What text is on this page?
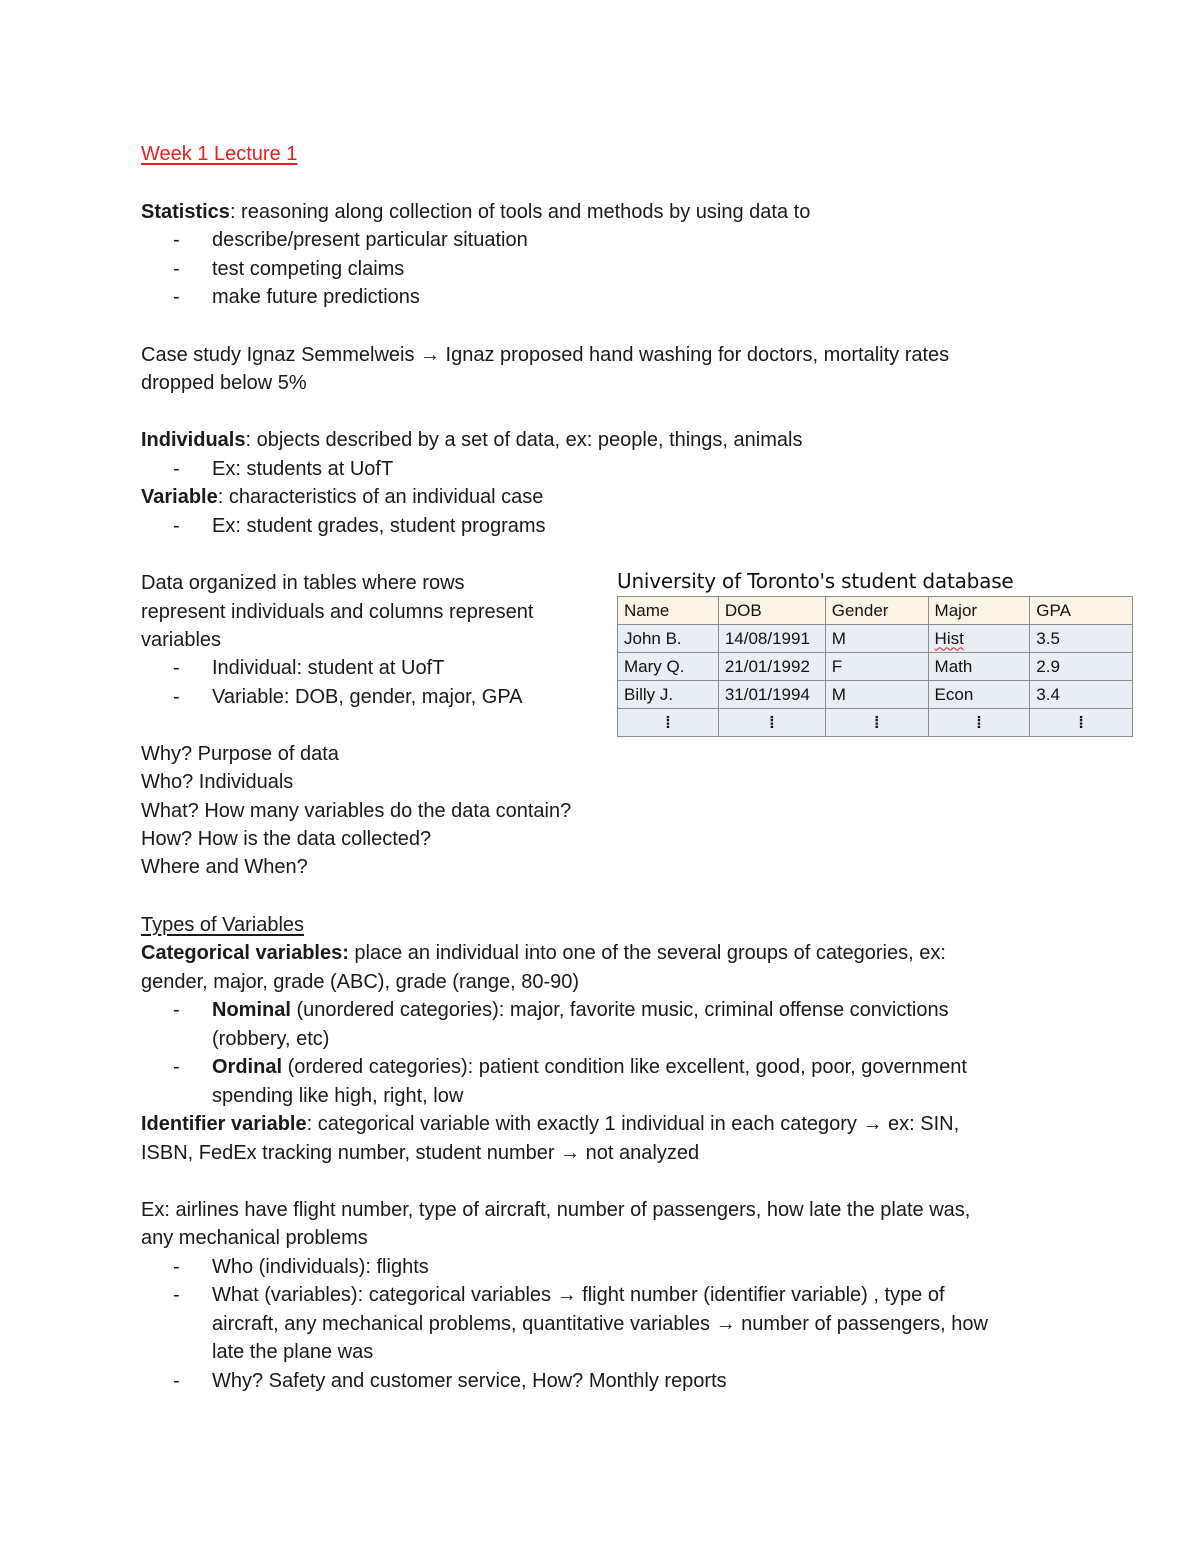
Week 1 Lecture 1
Statistics: reasoning along collection of tools and methods by using data to
- describe/present particular situation
- test competing claims
- make future predictions
Case study Ignaz Semmelweis → Ignaz proposed hand washing for doctors, mortality rates
dropped below 5%
Individuals: objects described by a set of data, ex: people, things, animals
- Ex: students at UofT
Variable: characteristics of an individual case
- Ex: student grades, student programs
Data organized in tables where rows
represent individuals and columns represent
variables
- Individual: student at UofT
- Variable: DOB, gender, major, GPA
University of Toronto's student database
Name	DOB	Gender	Major	GPA
John B.	14/08/1991	M	Hist	3.5
Mary Q.	21/01/1992	F	Math	2.9
Billy J.	31/01/1994	M	Econ	3.4
⁞	⁞	⁞	⁞	⁞
Why? Purpose of data
Who? Individuals
What? How many variables do the data contain?
How? How is the data collected?
Where and When?
Types of Variables
Categorical variables: place an individual into one of the several groups of categories, ex:
gender, major, grade (ABC), grade (range, 80-90)
- Nominal (unordered categories): major, favorite music, criminal offense convictions
(robbery, etc)
- Ordinal (ordered categories): patient condition like excellent, good, poor, government
spending like high, right, low
Identifier variable: categorical variable with exactly 1 individual in each category → ex: SIN,
ISBN, FedEx tracking number, student number → not analyzed
Ex: airlines have flight number, type of aircraft, number of passengers, how late the plate was,
any mechanical problems
- Who (individuals): flights
- What (variables): categorical variables → flight number (identifier variable) , type of
aircraft, any mechanical problems, quantitative variables → number of passengers, how
late the plane was
- Why? Safety and customer service, How? Monthly reports
